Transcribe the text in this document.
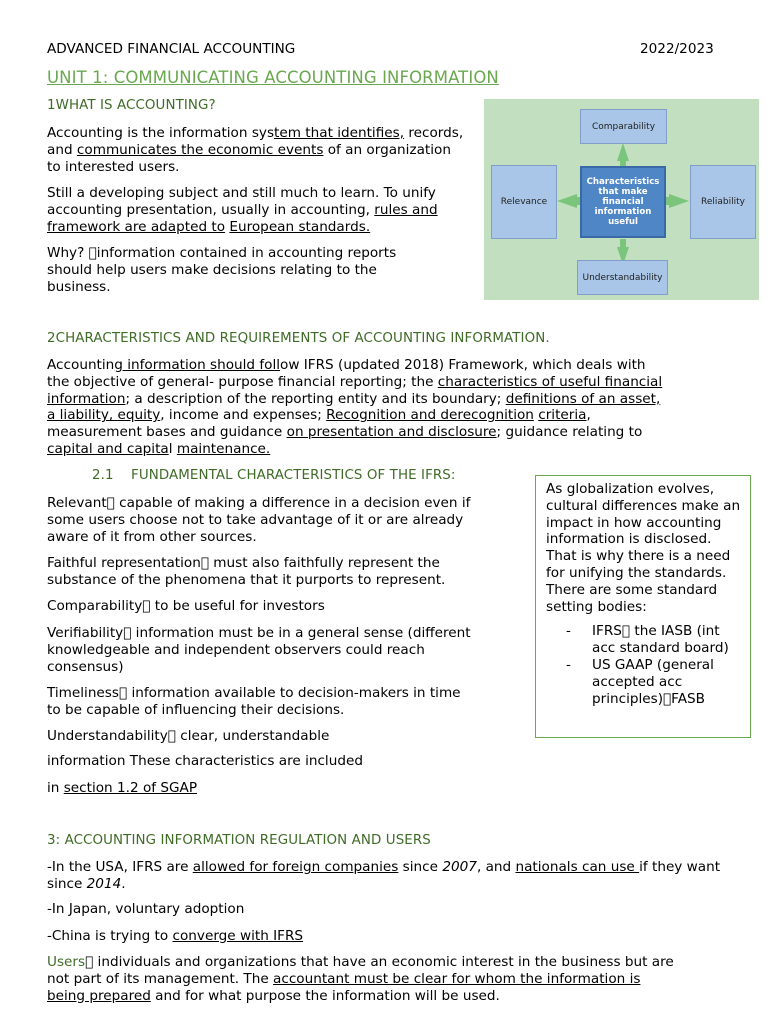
ADVANCED FINANCIAL ACCOUNTING	2022/2023
UNIT 1: COMMUNICATING ACCOUNTING INFORMATION
1WHAT IS ACCOUNTING?
Accounting is the information system that identifies, records,
and communicates the economic events of an organization
to interested users.
Still a developing subject and still much to learn. To unify
accounting presentation, usually in accounting, rules and
framework are adapted to European standards.
Why? information contained in accounting reports
should help users make decisions relating to the
business.
Comparability
Characteristics that make financial information useful
Relevance	Reliability
Understandability
2CHARACTERISTICS AND REQUIREMENTS OF ACCOUNTING INFORMATION.
Accounting information should follow IFRS (updated 2018) Framework, which deals with
the objective of general- purpose financial reporting; the characteristics of useful financial
information; a description of the reporting entity and its boundary; definitions of an asset,
a liability, equity, income and expenses; Recognition and derecognition criteria,
measurement bases and guidance on presentation and disclosure; guidance relating to
capital and capital maintenance.
2.1    FUNDAMENTAL CHARACTERISTICS OF THE IFRS:
Relevant capable of making a difference in a decision even if
some users choose not to take advantage of it or are already
aware of it from other sources.
Faithful representation must also faithfully represent the
substance of the phenomena that it purports to represent.
Comparability to be useful for investors
Verifiability information must be in a general sense (different
knowledgeable and independent observers could reach
consensus)
Timeliness information available to decision-makers in time
to be capable of influencing their decisions.
Understandability clear, understandable
information These characteristics are included
in section 1.2 of SGAP
As globalization evolves, cultural differences make an impact in how accounting information is disclosed. That is why there is a need for unifying the standards. There are some standard setting bodies:
- IFRS the IASB (int acc standard board)
- US GAAP (general accepted acc principles) FASB
3: ACCOUNTING INFORMATION REGULATION AND USERS
-In the USA, IFRS are allowed for foreign companies since 2007, and nationals can use if they want
since 2014.
-In Japan, voluntary adoption
-China is trying to converge with IFRS
Users individuals and organizations that have an economic interest in the business but are
not part of its management. The accountant must be clear for whom the information is
being prepared and for what purpose the information will be used.
